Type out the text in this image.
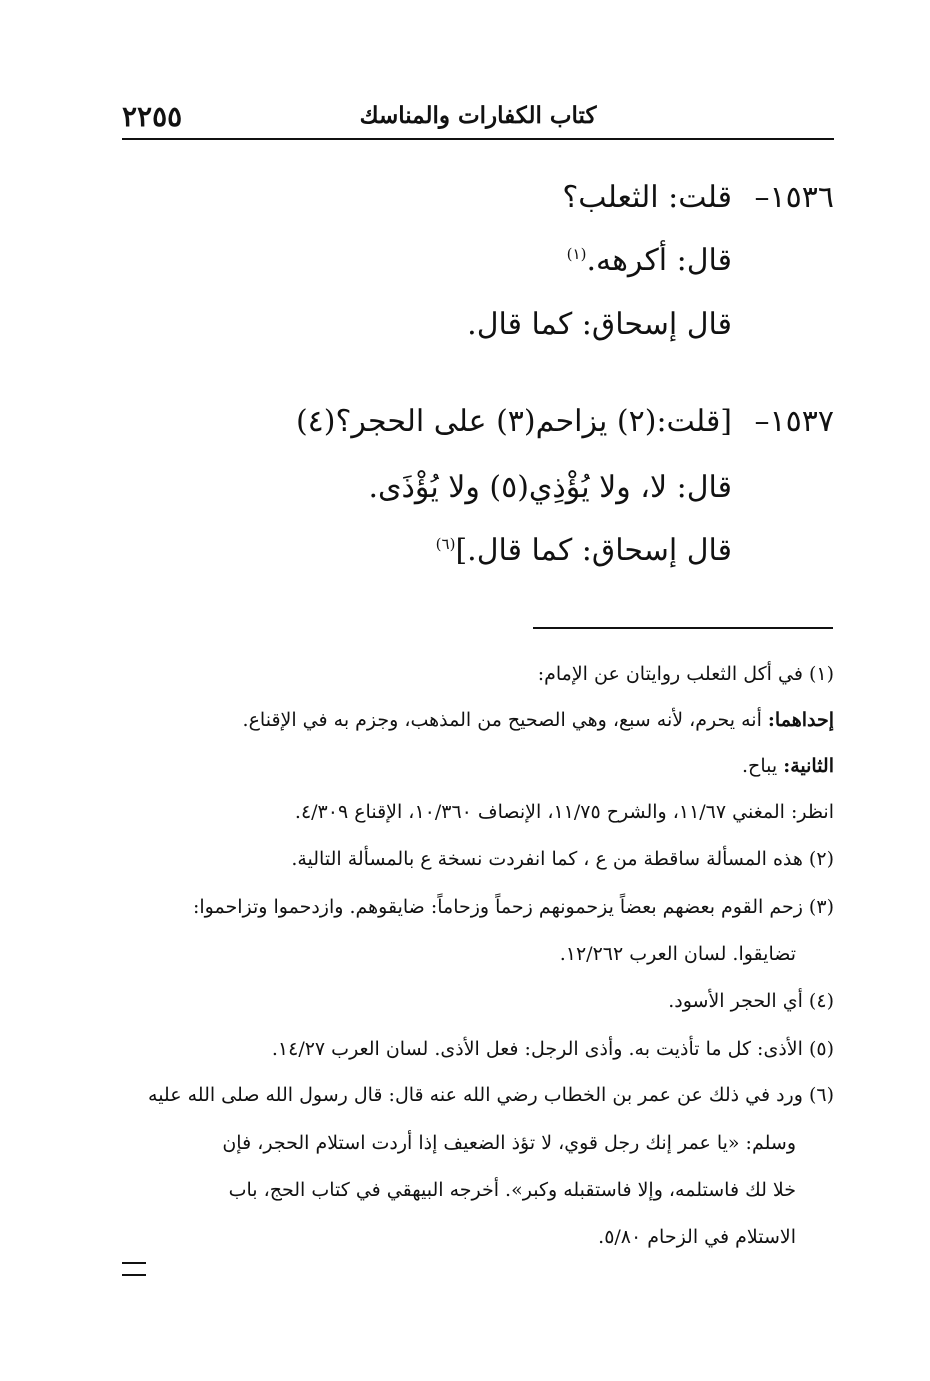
كتاب الكفارات والمناسك
٢٢٥٥
١٥٣٦–
قلت: الثعلب؟
قال: أكرهه.$^{(١)}$
قال إسحاق: كما قال.
١٥٣٧–
[قلت:(٢) يزاحم(٣) على الحجر؟(٤)
قال: لا، ولا يُؤْذِي(٥) ولا يُؤْذَى.
قال إسحاق: كما قال.]$^{(٦)}$
(١) في أكل الثعلب روايتان عن الإمام:
إحداهما: أنه يحرم، لأنه سبع، وهي الصحيح من المذهب، وجزم به في الإقناع.
الثانية: يباح.
انظر: المغني ١١/٦٧، والشرح ١١/٧٥، الإنصاف ١٠/٣٦٠، الإقناع ٤/٣٠٩.
(٢) هذه المسألة ساقطة من ع ، كما انفردت نسخة ع بالمسألة التالية.
(٣) زحم القوم بعضهم بعضاً يزحمونهم زحماً وزحاماً: ضايقوهم. وازدحموا وتزاحموا:
تضايقوا. لسان العرب ١٢/٢٦٢.
(٤) أي الحجر الأسود.
(٥) الأذى: كل ما تأذيت به. وأذى الرجل: فعل الأذى. لسان العرب ١٤/٢٧.
(٦) ورد في ذلك عن عمر بن الخطاب رضي الله عنه قال: قال رسول الله صلى الله عليه
وسلم: «يا عمر إنك رجل قوي، لا تؤذ الضعيف إذا أردت استلام الحجر، فإن
خلا لك فاستلمه، وإلا فاستقبله وكبر». أخرجه البيهقي في كتاب الحج، باب
الاستلام في الزحام ٥/٨٠.
